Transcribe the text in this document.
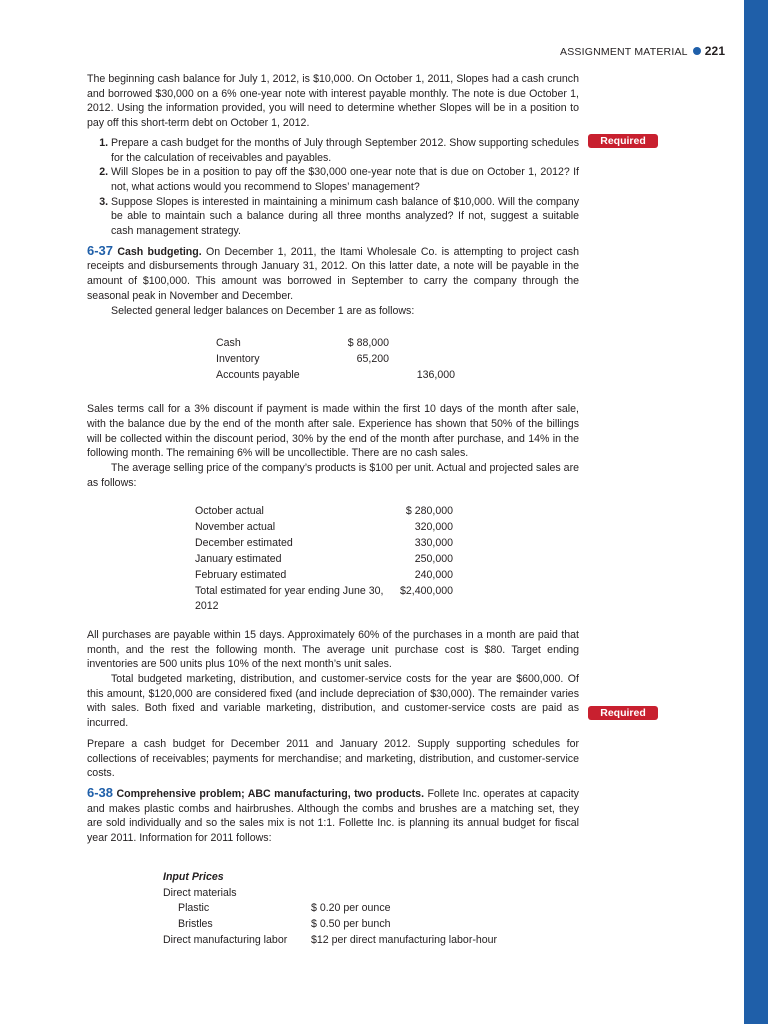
ASSIGNMENT MATERIAL 221
Required
Required

The beginning cash balance for July 1, 2012, is $10,000. On October 1, 2011, Slopes had a cash crunch and borrowed $30,000 on a 6% one-year note with interest payable monthly. The note is due October 1, 2012. Using the information provided, you will need to determine whether Slopes will be in a position to pay off this short-term debt on October 1, 2012.

1. Prepare a cash budget for the months of July through September 2012. Show supporting schedules for the calculation of receivables and payables.
2. Will Slopes be in a position to pay off the $30,000 one-year note that is due on October 1, 2012? If not, what actions would you recommend to Slopes’ management?
3. Suppose Slopes is interested in maintaining a minimum cash balance of $10,000. Will the company be able to maintain such a balance during all three months analyzed? If not, suggest a suitable cash management strategy.

6-37 Cash budgeting. On December 1, 2011, the Itami Wholesale Co. is attempting to project cash receipts and disbursements through January 31, 2012. On this latter date, a note will be payable in the amount of $100,000. This amount was borrowed in September to carry the company through the seasonal peak in November and December.

Selected general ledger balances on December 1 are as follows:

Cash	$ 88,000	
Inventory	65,200	
Accounts payable		136,000

Sales terms call for a 3% discount if payment is made within the first 10 days of the month after sale, with the balance due by the end of the month after sale. Experience has shown that 50% of the billings will be collected within the discount period, 30% by the end of the month after purchase, and 14% in the following month. The remaining 6% will be uncollectible. There are no cash sales.

The average selling price of the company’s products is $100 per unit. Actual and projected sales are as follows:

October actual	$ 280,000
November actual	320,000
December estimated	330,000
January estimated	250,000
February estimated	240,000
Total estimated for year ending June 30, 2012	$2,400,000

All purchases are payable within 15 days. Approximately 60% of the purchases in a month are paid that month, and the rest the following month. The average unit purchase cost is $80. Target ending inventories are 500 units plus 10% of the next month’s unit sales.

Total budgeted marketing, distribution, and customer-service costs for the year are $600,000. Of this amount, $120,000 are considered fixed (and include depreciation of $30,000). The remainder varies with sales. Both fixed and variable marketing, distribution, and customer-service costs are paid as incurred.

Prepare a cash budget for December 2011 and January 2012. Supply supporting schedules for collections of receivables; payments for merchandise; and marketing, distribution, and customer-service costs.

6-38 Comprehensive problem; ABC manufacturing, two products. Follete Inc. operates at capacity and makes plastic combs and hairbrushes. Although the combs and brushes are a matching set, they are sold individually and so the sales mix is not 1:1. Follette Inc. is planning its annual budget for fiscal year 2011. Information for 2011 follows:

Input Prices	
Direct materials	
Plastic	$ 0.20 per ounce
Bristles	$ 0.50 per bunch
Direct manufacturing labor	$12 per direct manufacturing labor-hour
